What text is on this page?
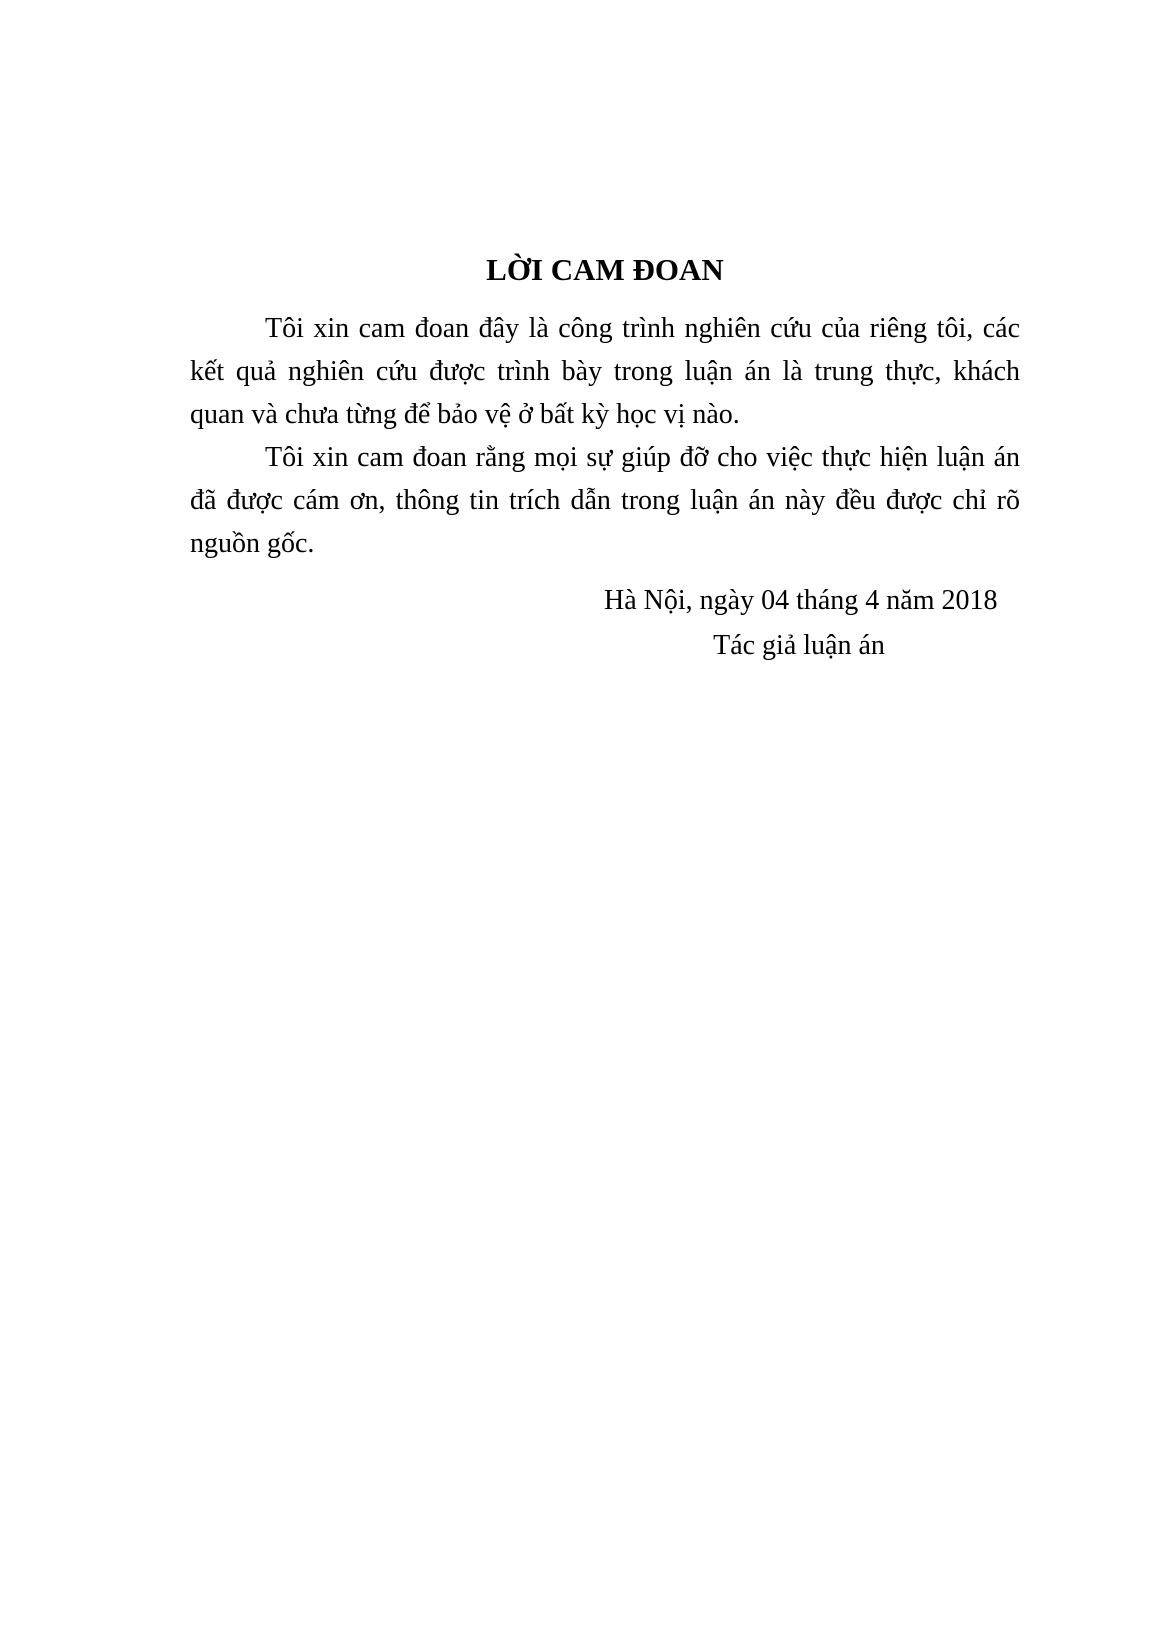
LỜI CAM ĐOAN

Tôi xin cam đoan đây là công trình nghiên cứu của riêng tôi, các kết quả nghiên cứu được trình bày trong luận án là trung thực, khách quan và chưa từng để bảo vệ ở bất kỳ học vị nào.

Tôi xin cam đoan rằng mọi sự giúp đỡ cho việc thực hiện luận án đã được cám ơn, thông tin trích dẫn trong luận án này đều được chỉ rõ nguồn gốc.

Hà Nội, ngày 04 tháng 4 năm 2018
Tác giả luận án
